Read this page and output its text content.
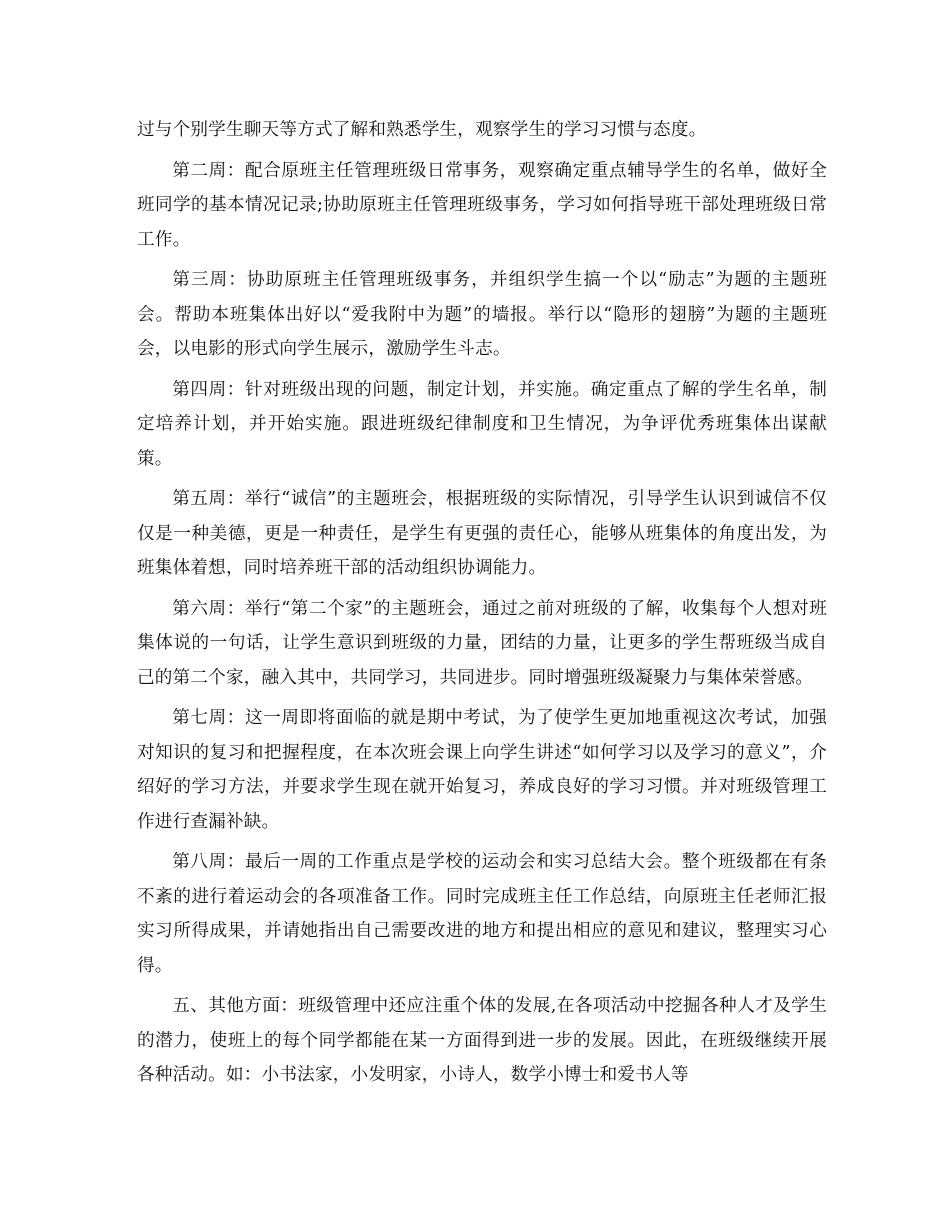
过与个别学生聊天等方式了解和熟悉学生，观察学生的学习习惯与态度。

第二周：配合原班主任管理班级日常事务，观察确定重点辅导学生的名单，做好全班同学的基本情况记录;协助原班主任管理班级事务，学习如何指导班干部处理班级日常工作。

第三周：协助原班主任管理班级事务，并组织学生搞一个以“励志”为题的主题班会。帮助本班集体出好以“爱我附中为题”的墙报。举行以“隐形的翅膀”为题的主题班会，以电影的形式向学生展示，激励学生斗志。

第四周：针对班级出现的问题，制定计划，并实施。确定重点了解的学生名单，制定培养计划，并开始实施。跟进班级纪律制度和卫生情况，为争评优秀班集体出谋献策。

第五周：举行“诚信”的主题班会，根据班级的实际情况，引导学生认识到诚信不仅仅是一种美德，更是一种责任，是学生有更强的责任心，能够从班集体的角度出发，为班集体着想，同时培养班干部的活动组织协调能力。

第六周：举行“第二个家”的主题班会，通过之前对班级的了解，收集每个人想对班集体说的一句话，让学生意识到班级的力量，团结的力量，让更多的学生帮班级当成自己的第二个家，融入其中，共同学习，共同进步。同时增强班级凝聚力与集体荣誉感。

第七周：这一周即将面临的就是期中考试，为了使学生更加地重视这次考试，加强对知识的复习和把握程度，在本次班会课上向学生讲述“如何学习以及学习的意义”，介绍好的学习方法，并要求学生现在就开始复习，养成良好的学习习惯。并对班级管理工作进行查漏补缺。

第八周：最后一周的工作重点是学校的运动会和实习总结大会。整个班级都在有条不紊的进行着运动会的各项准备工作。同时完成班主任工作总结，向原班主任老师汇报实习所得成果，并请她指出自己需要改进的地方和提出相应的意见和建议，整理实习心得。

五、其他方面：班级管理中还应注重个体的发展,在各项活动中挖掘各种人才及学生的潜力，使班上的每个同学都能在某一方面得到进一步的发展。因此，在班级继续开展各种活动。如：小书法家，小发明家，小诗人，数学小博士和爱书人等
